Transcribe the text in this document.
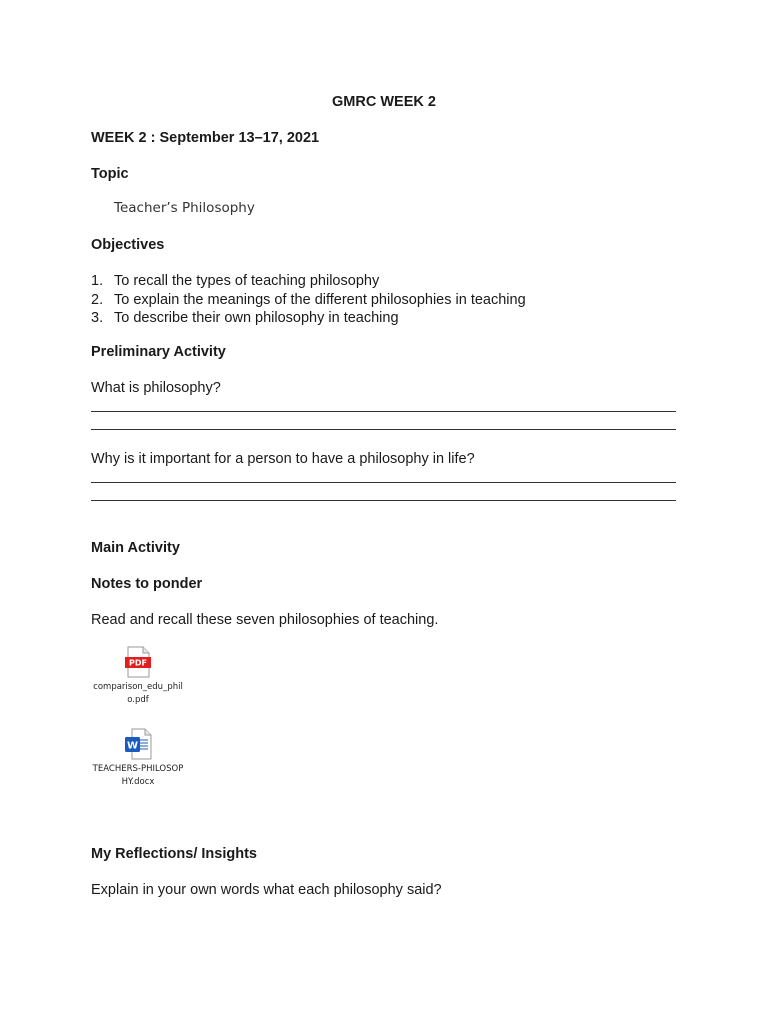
GMRC WEEK 2
WEEK 2 : September 13–17, 2021
Topic
Teacher’s Philosophy
Objectives
1. To recall the types of teaching philosophy
2. To explain the meanings of the different philosophies in teaching
3. To describe their own philosophy in teaching
Preliminary Activity
What is philosophy?
Why is it important for a person to have a philosophy in life?
Main Activity
Notes to ponder
Read and recall these seven philosophies of teaching.
PDF
comparison_edu_phil
o.pdf
W
TEACHERS-PHILOSOP
HY.docx
My Reflections/ Insights
Explain in your own words what each philosophy said?
